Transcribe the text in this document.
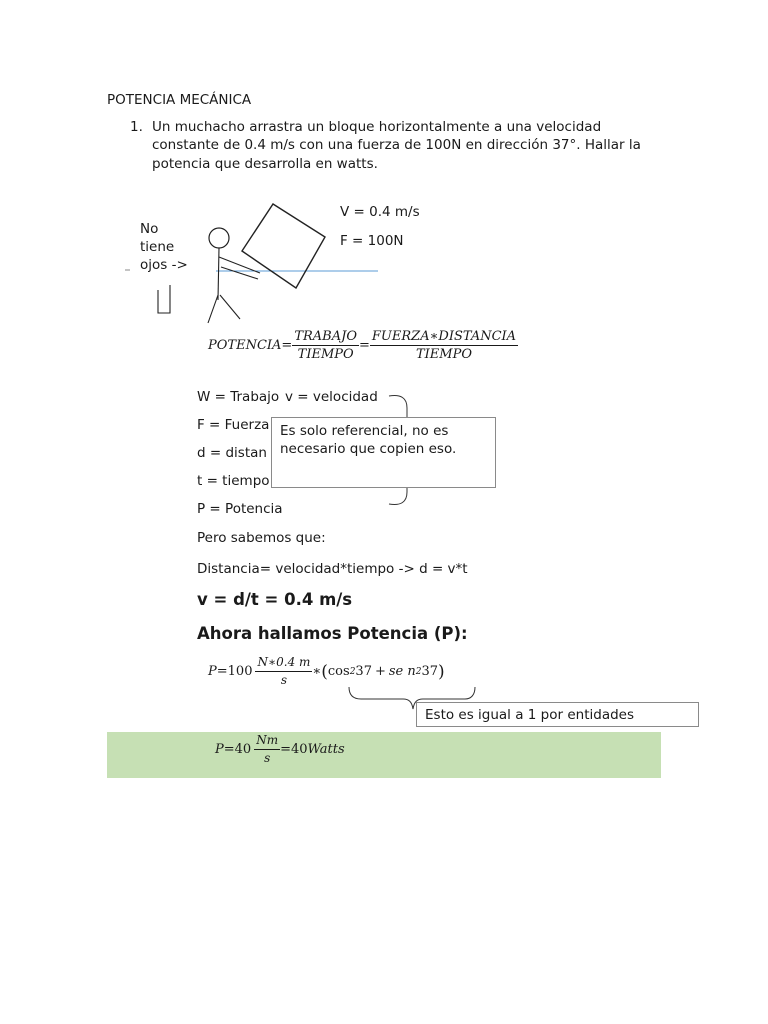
POTENCIA MECÁNICA
1. Un muchacho arrastra un bloque horizontalmente a una velocidad
constante de 0.4 m/s con una fuerza de 100N en dirección 37°. Hallar la
potencia que desarrolla en watts.
No
tiene
ojos ->
V = 0.4 m/s
F = 100N
POTENCIA = $\frac{\text{TRABAJO}}{\text{TIEMPO}} = \frac{\text{FUERZA∗DISTANCIA}}{\text{TIEMPO}}$
W = Trabajo v = velocidad
F = Fuerza
d = distan
t = tiempo
P = Potencia
Es solo referencial, no es necesario que copien eso.
Pero sabemos que:
Distancia= velocidad*tiempo -> d = v*t
v = d/t = 0.4 m/s
Ahora hallamos Potencia (P):
$P = 100 \frac{N∗0.4 m}{s}$ ∗ ( cos 2 37 + se n 2 37 )
Esto es igual a 1 por entidades
$P = 40 \frac{Nm}{s} = 40$ Watts
